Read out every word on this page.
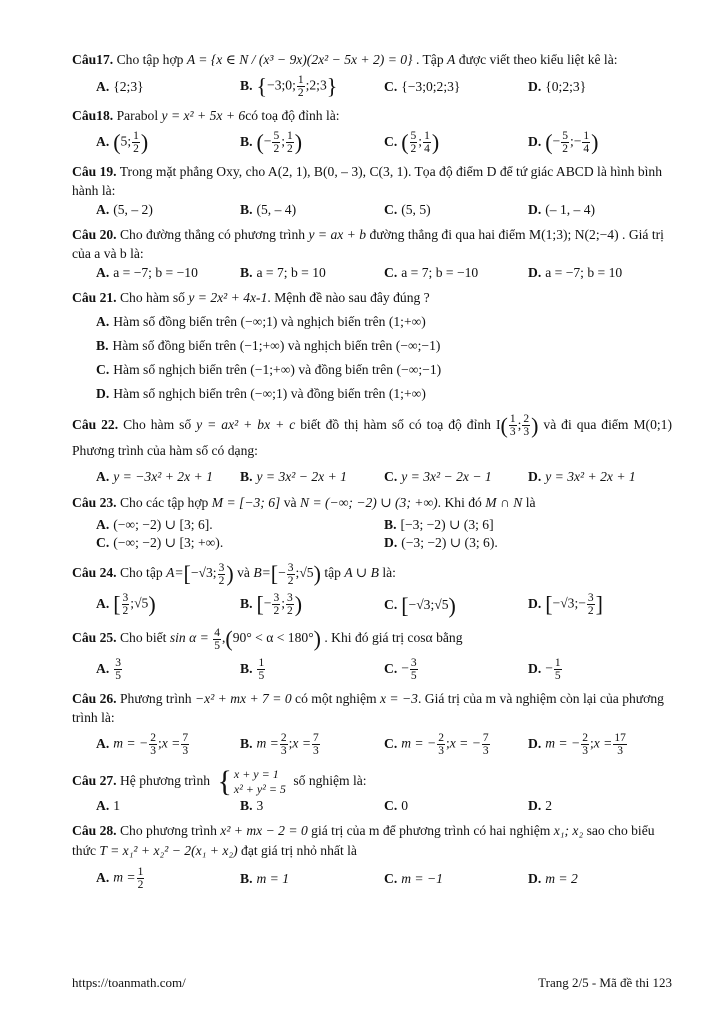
Câu17. Cho tập hợp A = {x ∈ N / (x³ − 9x)(2x² − 5x + 2) = 0} . Tập A được viết theo kiểu liệt kê là:

A. {2;3}	B. {−3;0; $\frac{1}{2}$ ;2;3}	C. {−3;0;2;3}	D. {0;2;3}

Câu18. Parabol y = x² + 5x + 6có toạ độ đỉnh là:

A. (5; $\frac{1}{2}$ )	B. (− $\frac{5}{2}$ ; $\frac{1}{2}$ )	C. ( $\frac{5}{2}$ ; $\frac{1}{4}$ )	D. (− $\frac{5}{2}$ ;− $\frac{1}{4}$ )

Câu 19. Trong mặt phẳng Oxy, cho A(2, 1), B(0, – 3), C(3, 1). Tọa độ điểm D để tứ giác ABCD là hình bình hành là:

A. (5, – 2)	B. (5, – 4)	C. (5, 5)	D. (– 1, – 4)

Câu 20. Cho đường thẳng có phương trình y = ax + b đường thẳng đi qua hai điểm M(1;3); N(2;−4) . Giá trị của a và b là:

A. a = −7; b = −10	B. a = 7; b = 10	C. a = 7; b = −10	D. a = −7; b = 10

Câu 21. Cho hàm số y = 2x² + 4x-1. Mệnh đề nào sau đây đúng ?

A. Hàm số đồng biến trên (−∞;1) và nghịch biến trên (1;+∞)
B. Hàm số đồng biến trên (−1;+∞) và nghịch biến trên (−∞;−1)
C. Hàm số nghịch biến trên (−1;+∞) và đồng biến trên (−∞;−1)
D. Hàm số nghịch biến trên (−∞;1) và đồng biến trên (1;+∞)

Câu 22. Cho hàm số y = ax² + bx + c biết đồ thị hàm số có toạ độ đỉnh $I( \frac{1}{3}$ ; $\frac{2}{3}$ ) và đi qua điểm M(0;1) Phương trình của hàm số có dạng:

A. y = −3x² + 2x + 1	B. y = 3x² − 2x + 1	C. y = 3x² − 2x − 1	D. y = 3x² + 2x + 1

Câu 23. Cho các tập hợp M = [−3; 6] và N = (−∞; −2) ∪ (3; +∞). Khi đó M ∩ N là

A. (−∞; −2) ∪ [3; 6].	B. [−3; −2) ∪ (3; 6]
C. (−∞; −2) ∪ [3; +∞).	D. (−3; −2) ∪ (3; 6).

Câu 24. Cho tập A=[−√3; $\frac{3}{2}$ ) và $B=[- \frac{3}{2}$ ;√5) tập A ∪ B là:

A. [ $\frac{3}{2}$ ;√5)	B. [− $\frac{3}{2}$ ; $\frac{3}{2}$ )	C. [−√3;√5)	D. [−√3;− $\frac{3}{2}$ ]

Câu 25. Cho biết $\sin \alpha = \frac{4}{5} ,(90^\circ < \alpha < 180^\circ)$ . Khi đó giá trị cosα bằng

A. $\frac{3}{5}$	B. $\frac{1}{5}$	C. − $\frac{3}{5}$	D. − $\frac{1}{5}$

Câu 26. Phương trình −x² + mx + 7 = 0 có một nghiệm x = −3. Giá trị của m và nghiệm còn lại của phương trình là:

A. m = − $\frac{2}{3}$ ;x = $\frac{7}{3}$	B. $m = \frac{2}{3}$ ;x = $\frac{7}{3}$	C. m = − $\frac{2}{3}$ ;x = − $\frac{7}{3}$	D. m = − $\frac{2}{3}$ ;x = $\frac{17}{3}$

Câu 27. Hệ phương trình { x + y = 1
x² + y² = 5
số nghiệm là:

A. 1	B. 3	C. 0	D. 2

Câu 28. Cho phương trình x² + mx − 2 = 0 giá trị của m để phương trình có hai nghiệm x₁; x₂ sao cho biểu thức T = x₁² + x₂² − 2(x₁ + x₂) đạt giá trị nhỏ nhất là

A. $m = \frac{1}{2}$	B. m = 1	C. m = −1	D. m = 2
https://toanmath.com/	Trang 2/5 - Mã đề thi 123
